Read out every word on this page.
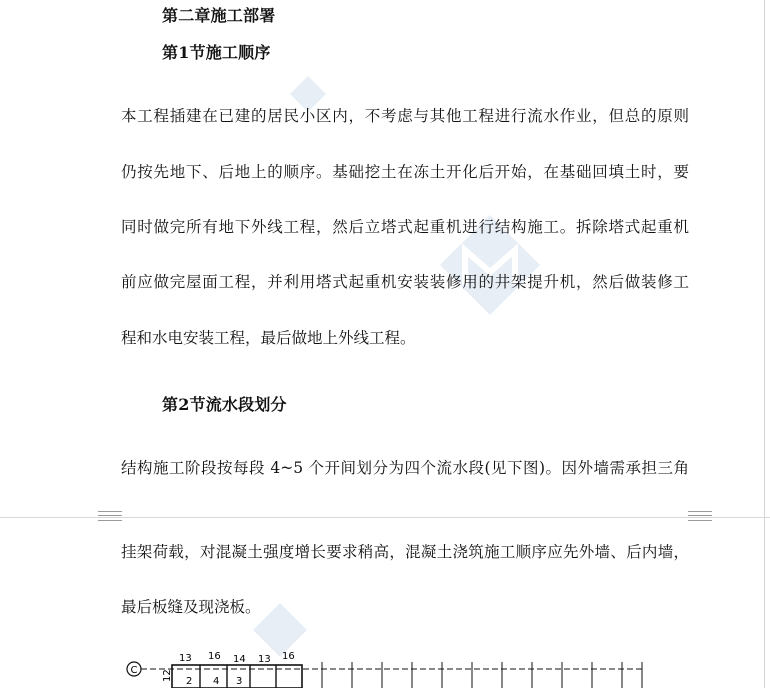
第二章施工部署
第1节施工顺序
本工程插建在已建的居民小区内，不考虑与其他工程进行流水作业，但总的原则
仍按先地下、后地上的顺序。基础挖土在冻土开化后开始，在基础回填土时，要
同时做完所有地下外线工程，然后立塔式起重机进行结构施工。拆除塔式起重机
前应做完屋面工程，并利用塔式起重机安装装修用的井架提升机，然后做装修工
程和水电安装工程，最后做地上外线工程。
第2节流水段划分
结构施工阶段按每段 4~5 个开间划分为四个流水段(见下图)。因外墙需承担三角
挂架荷载，对混凝土强度增长要求稍高，混凝土浇筑施工顺序应先外墙、后内墙，
最后板缝及现浇板。
C
13 16 14 13 16
12 2 4 3
